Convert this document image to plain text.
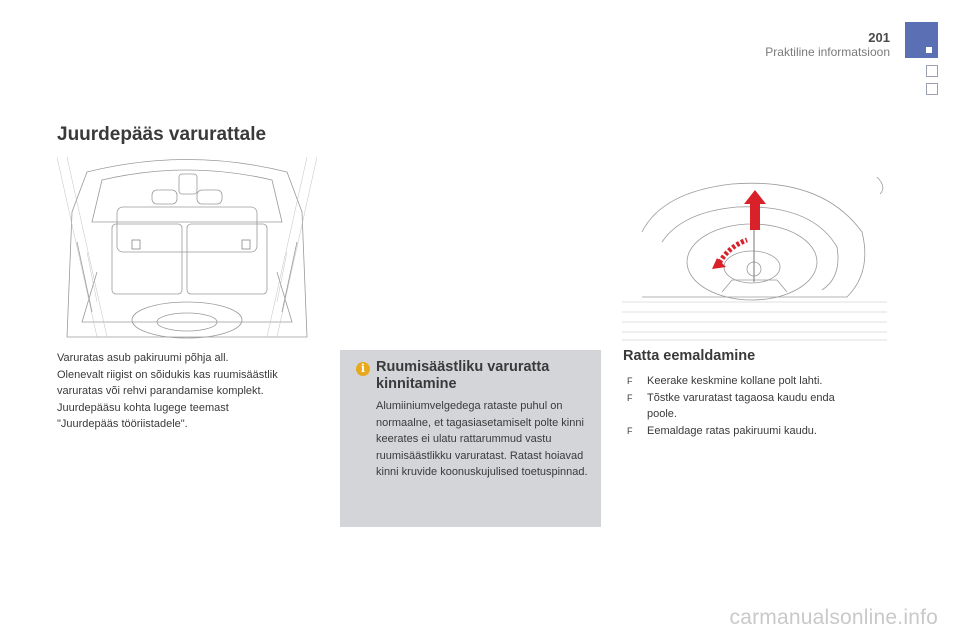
201
Praktiline informatsioon
Juurdepääs varurattale

Varuratas asub pakiruumi põhja all.
Olenevalt riigist on sõidukis kas ruumisäästlik
varuratas või rehvi parandamise komplekt.
Juurdepääsu kohta lugege teemast
"Juurdepääs tööriistadele".

i Ruumisäästliku varuratta kinnitamine

Alumiiniumvelgedega rataste puhul on normaalne, et tagasiasetamiselt polte kinni keerates ei ulatu rattarummud vastu ruumisäästlikku varuratast. Ratast hoiavad kinni kruvide koonuskujulised toetuspinnad.

Ratta eemaldamine
F Keerake keskmine kollane polt lahti.
F Tõstke varuratast tagaosa kaudu enda poole.
F Eemaldage ratas pakiruumi kaudu.
carmanualsonline.info
